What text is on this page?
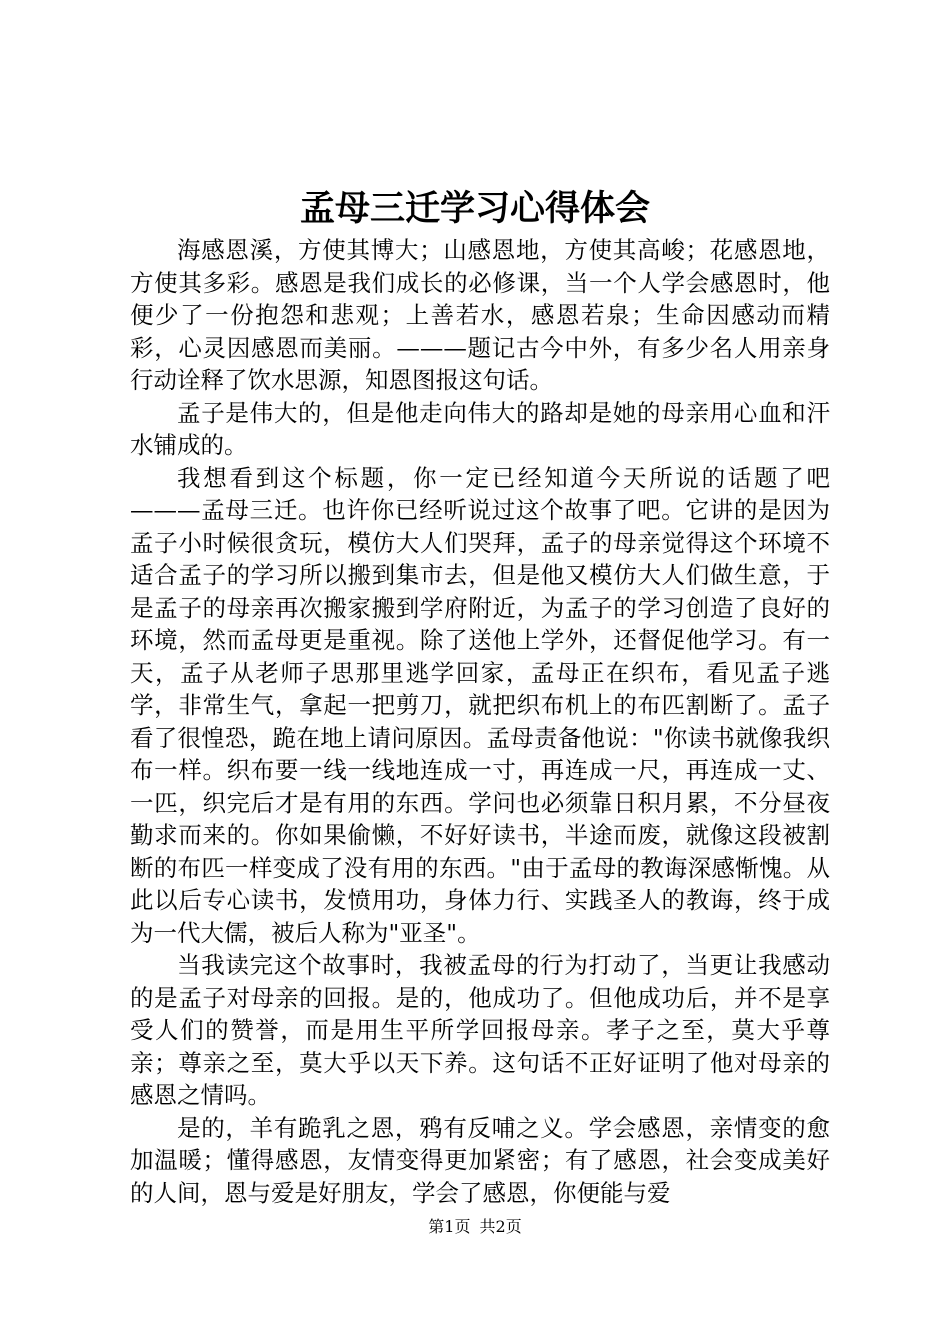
孟母三迁学习心得体会

海感恩溪，方使其博大；山感恩地，方使其高峻；花感恩地，方使其多彩。感恩是我们成长的必修课，当一个人学会感恩时，他便少了一份抱怨和悲观；上善若水，感恩若泉；生命因感动而精彩，心灵因感恩而美丽。———题记古今中外，有多少名人用亲身行动诠释了饮水思源，知恩图报这句话。

孟子是伟大的，但是他走向伟大的路却是她的母亲用心血和汗水铺成的。

我想看到这个标题，你一定已经知道今天所说的话题了吧———孟母三迁。也许你已经听说过这个故事了吧。它讲的是因为孟子小时候很贪玩，模仿大人们哭拜，孟子的母亲觉得这个环境不适合孟子的学习所以搬到集市去，但是他又模仿大人们做生意，于是孟子的母亲再次搬家搬到学府附近，为孟子的学习创造了良好的环境，然而孟母更是重视。除了送他上学外，还督促他学习。有一天，孟子从老师子思那里逃学回家，孟母正在织布，看见孟子逃学，非常生气，拿起一把剪刀，就把织布机上的布匹割断了。孟子看了很惶恐，跪在地上请问原因。孟母责备他说："你读书就像我织布一样。织布要一线一线地连成一寸，再连成一尺，再连成一丈、一匹，织完后才是有用的东西。学问也必须靠日积月累，不分昼夜勤求而来的。你如果偷懒，不好好读书，半途而废，就像这段被割断的布匹一样变成了没有用的东西。"由于孟母的教诲深感惭愧。从此以后专心读书，发愤用功，身体力行、实践圣人的教诲，终于成为一代大儒，被后人称为"亚圣"。

当我读完这个故事时，我被孟母的行为打动了，当更让我感动的是孟子对母亲的回报。是的，他成功了。但他成功后，并不是享受人们的赞誉，而是用生平所学回报母亲。孝子之至，莫大乎尊亲；尊亲之至，莫大乎以天下养。这句话不正好证明了他对母亲的感恩之情吗。

是的，羊有跪乳之恩，鸦有反哺之义。学会感恩，亲情变的愈加温暖；懂得感恩，友情变得更加紧密；有了感恩，社会变成美好的人间，恩与爱是好朋友，学会了感恩，你便能与爱

第1页 共2页
